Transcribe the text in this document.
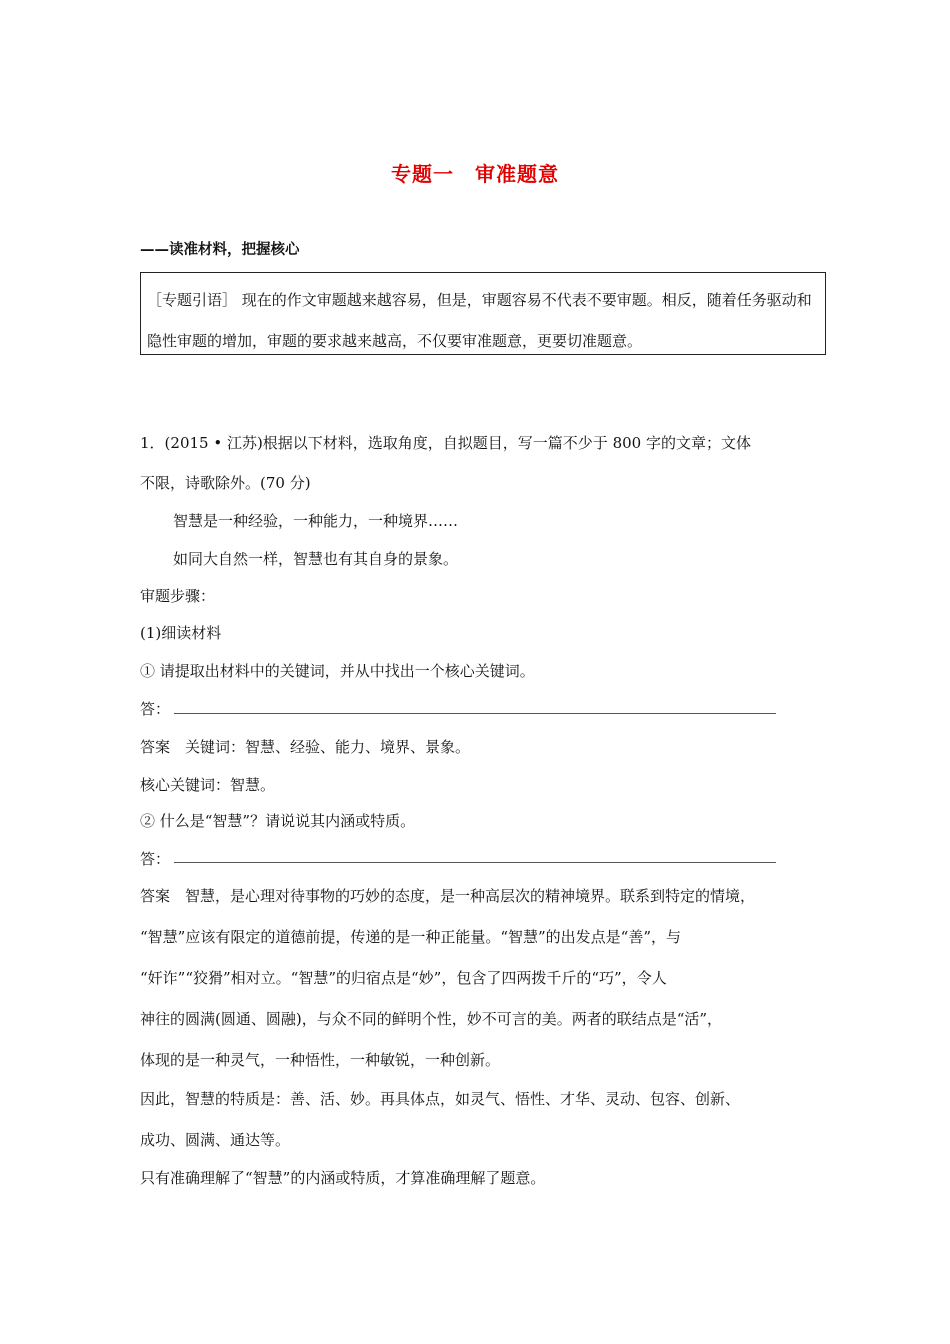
专题一　审准题意
——读准材料，把握核心
［专题引语］ 现在的作文审题越来越容易，但是，审题容易不代表不要审题。相反，随着任务驱动和隐性审题的增加，审题的要求越来越高，不仅要审准题意，更要切准题意。
1．(2015 • 江苏)根据以下材料，选取角度，自拟题目，写一篇不少于 800 字的文章；文体
不限，诗歌除外。(70 分)
智慧是一种经验，一种能力，一种境界……
如同大自然一样，智慧也有其自身的景象。
审题步骤：
(1)细读材料
① 请提取出材料中的关键词，并从中找出一个核心关键词。
答：
答案　关键词：智慧、经验、能力、境界、景象。
核心关键词：智慧。
② 什么是“智慧”？请说说其内涵或特质。
答：
答案　智慧，是心理对待事物的巧妙的态度，是一种高层次的精神境界。联系到特定的情境，
“智慧”应该有限定的道德前提，传递的是一种正能量。“智慧”的出发点是“善”，与
“奸诈”“狡猾”相对立。“智慧”的归宿点是“妙”，包含了四两拨千斤的“巧”，令人
神往的圆满(圆通、圆融)，与众不同的鲜明个性，妙不可言的美。两者的联结点是“活”，
体现的是一种灵气，一种悟性，一种敏锐，一种创新。
因此，智慧的特质是：善、活、妙。再具体点，如灵气、悟性、才华、灵动、包容、创新、
成功、圆满、通达等。
只有准确理解了“智慧”的内涵或特质，才算准确理解了题意。
